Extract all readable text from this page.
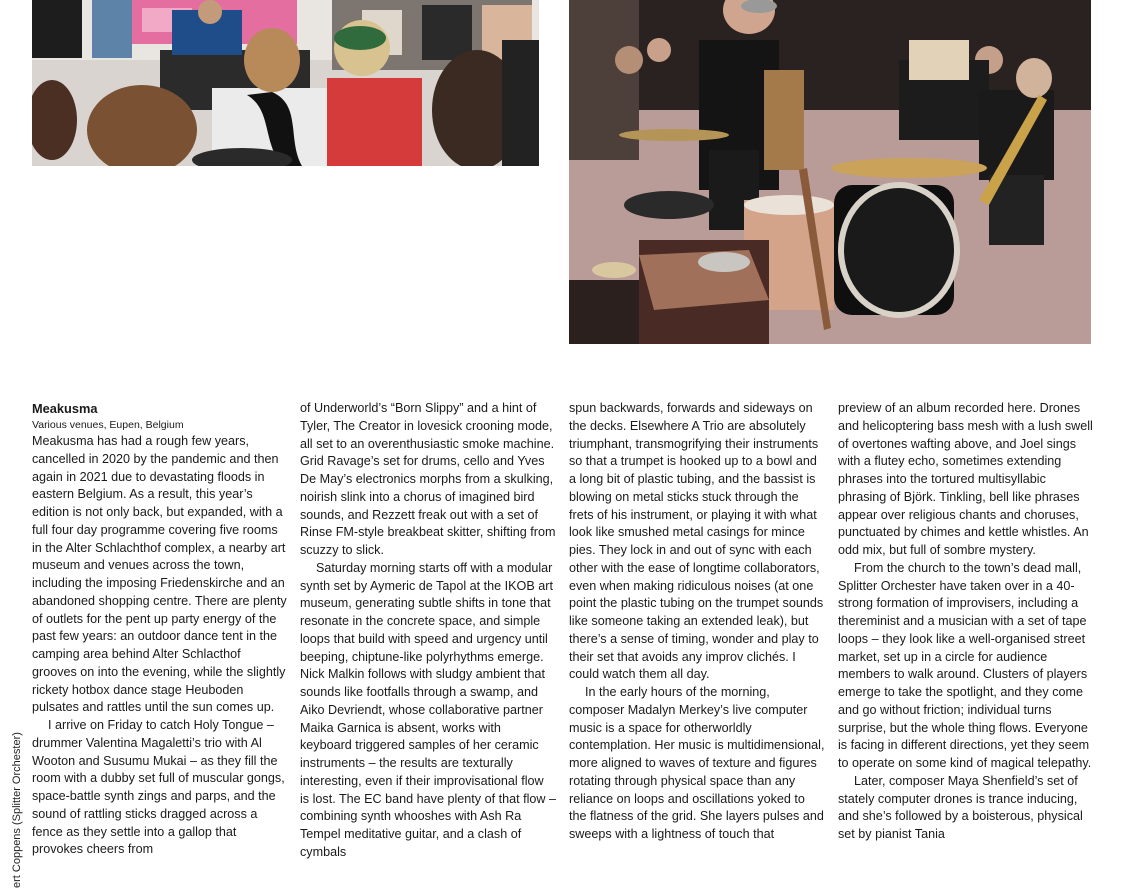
Meakusma

Various venues, Eupen, Belgium

Meakusma has had a rough few years, cancelled in 2020 by the pandemic and then again in 2021 due to devastating floods in eastern Belgium. As a result, this year’s edition is not only back, but expanded, with a full four day programme covering five rooms in the Alter Schlachthof complex, a nearby art museum and venues across the town, including the imposing Friedenskirche and an abandoned shopping centre. There are plenty of outlets for the pent up party energy of the past few years: an outdoor dance tent in the camping area behind Alter Schlacthof grooves on into the evening, while the slightly rickety hotbox dance stage Heuboden pulsates and rattles until the sun comes up.

I arrive on Friday to catch Holy Tongue – drummer Valentina Magaletti’s trio with Al Wooton and Susumu Mukai – as they fill the room with a dubby set full of muscular gongs, space-battle synth zings and parps, and the sound of rattling sticks dragged across a fence as they settle into a gallop that provokes cheers from

of Underworld’s “Born Slippy” and a hint of Tyler, The Creator in lovesick crooning mode, all set to an overenthusiastic smoke machine. Grid Ravage’s set for drums, cello and Yves De May’s electronics morphs from a skulking, noirish slink into a chorus of imagined bird sounds, and Rezzett freak out with a set of Rinse FM-style breakbeat skitter, shifting from scuzzy to slick.

Saturday morning starts off with a modular synth set by Aymeric de Tapol at the IKOB art museum, generating subtle shifts in tone that resonate in the concrete space, and simple loops that build with speed and urgency until beeping, chiptune-like polyrhythms emerge. Nick Malkin follows with sludgy ambient that sounds like footfalls through a swamp, and Aiko Devriendt, whose collaborative partner Maika Garnica is absent, works with keyboard triggered samples of her ceramic instruments – the results are texturally interesting, even if their improvisational flow is lost. The EC band have plenty of that flow – combining synth whooshes with Ash Ra Tempel meditative guitar, and a clash of cymbals

spun backwards, forwards and sideways on the decks. Elsewhere A Trio are absolutely triumphant, transmogrifying their instruments so that a trumpet is hooked up to a bowl and a long bit of plastic tubing, and the bassist is blowing on metal sticks stuck through the frets of his instrument, or playing it with what look like smushed metal casings for mince pies. They lock in and out of sync with each other with the ease of longtime collaborators, even when making ridiculous noises (at one point the plastic tubing on the trumpet sounds like someone taking an extended leak), but there’s a sense of timing, wonder and play to their set that avoids any improv clichés. I could watch them all day.

In the early hours of the morning, composer Madalyn Merkey’s live computer music is a space for otherworldly contemplation. Her music is multidimensional, more aligned to waves of texture and figures rotating through physical space than any reliance on loops and oscillations yoked to the flatness of the grid. She layers pulses and sweeps with a lightness of touch that

preview of an album recorded here. Drones and helicoptering bass mesh with a lush swell of overtones wafting above, and Joel sings with a flutey echo, sometimes extending phrases into the tortured multisyllabic phrasing of Björk. Tinkling, bell like phrases appear over religious chants and choruses, punctuated by chimes and kettle whistles. An odd mix, but full of sombre mystery.

From the church to the town’s dead mall, Splitter Orchester have taken over in a 40-strong formation of improvisers, including a thereminist and a musician with a set of tape loops – they look like a well-organised street market, set up in a circle for audience members to walk around. Clusters of players emerge to take the spotlight, and they come and go without friction; individual turns surprise, but the whole thing flows. Everyone is facing in different directions, yet they seem to operate on some kind of magical telepathy.

Later, composer Maya Shenfield’s set of stately computer drones is trance inducing, and she’s followed by a boisterous, physical set by pianist Tania

ert Coppens (Splitter Orchester)
